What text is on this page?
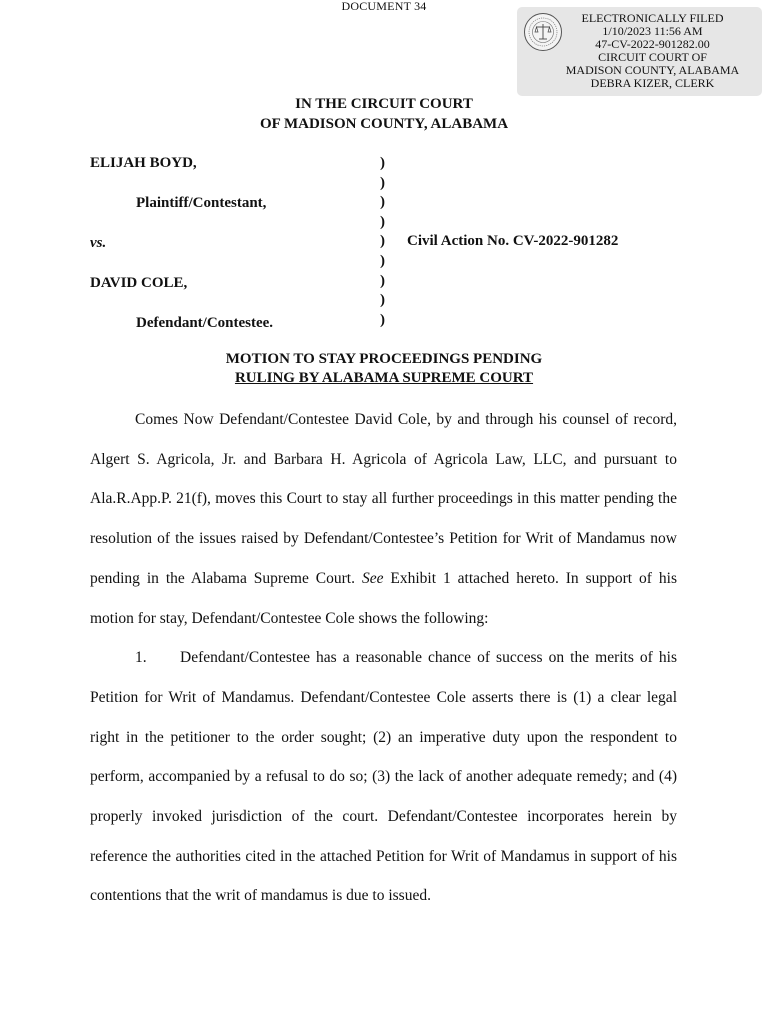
DOCUMENT 34
ELECTRONICALLY FILED
1/10/2023 11:56 AM
47-CV-2022-901282.00
CIRCUIT COURT OF
MADISON COUNTY, ALABAMA
DEBRA KIZER, CLERK
IN THE CIRCUIT COURT
OF MADISON COUNTY, ALABAMA
ELIJAH BOYD,
Plaintiff/Contestant,
vs.
DAVID COLE,
Defendant/Contestee.
)
)
)
)
)
)
)
)
)
Civil Action No. CV-2022-901282
MOTION TO STAY PROCEEDINGS PENDING
RULING BY ALABAMA SUPREME COURT

Comes Now Defendant/Contestee David Cole, by and through his counsel of record, Algert S. Agricola, Jr. and Barbara H. Agricola of Agricola Law, LLC, and pursuant to Ala.R.App.P. 21(f), moves this Court to stay all further proceedings in this matter pending the resolution of the issues raised by Defendant/Contestee’s Petition for Writ of Mandamus now pending in the Alabama Supreme Court. See Exhibit 1 attached hereto. In support of his motion for stay, Defendant/Contestee Cole shows the following:

1. Defendant/Contestee has a reasonable chance of success on the merits of his Petition for Writ of Mandamus. Defendant/Contestee Cole asserts there is (1) a clear legal right in the petitioner to the order sought; (2) an imperative duty upon the respondent to perform, accompanied by a refusal to do so; (3) the lack of another adequate remedy; and (4) properly invoked jurisdiction of the court. Defendant/Contestee incorporates herein by reference the authorities cited in the attached Petition for Writ of Mandamus in support of his contentions that the writ of mandamus is due to issued.
